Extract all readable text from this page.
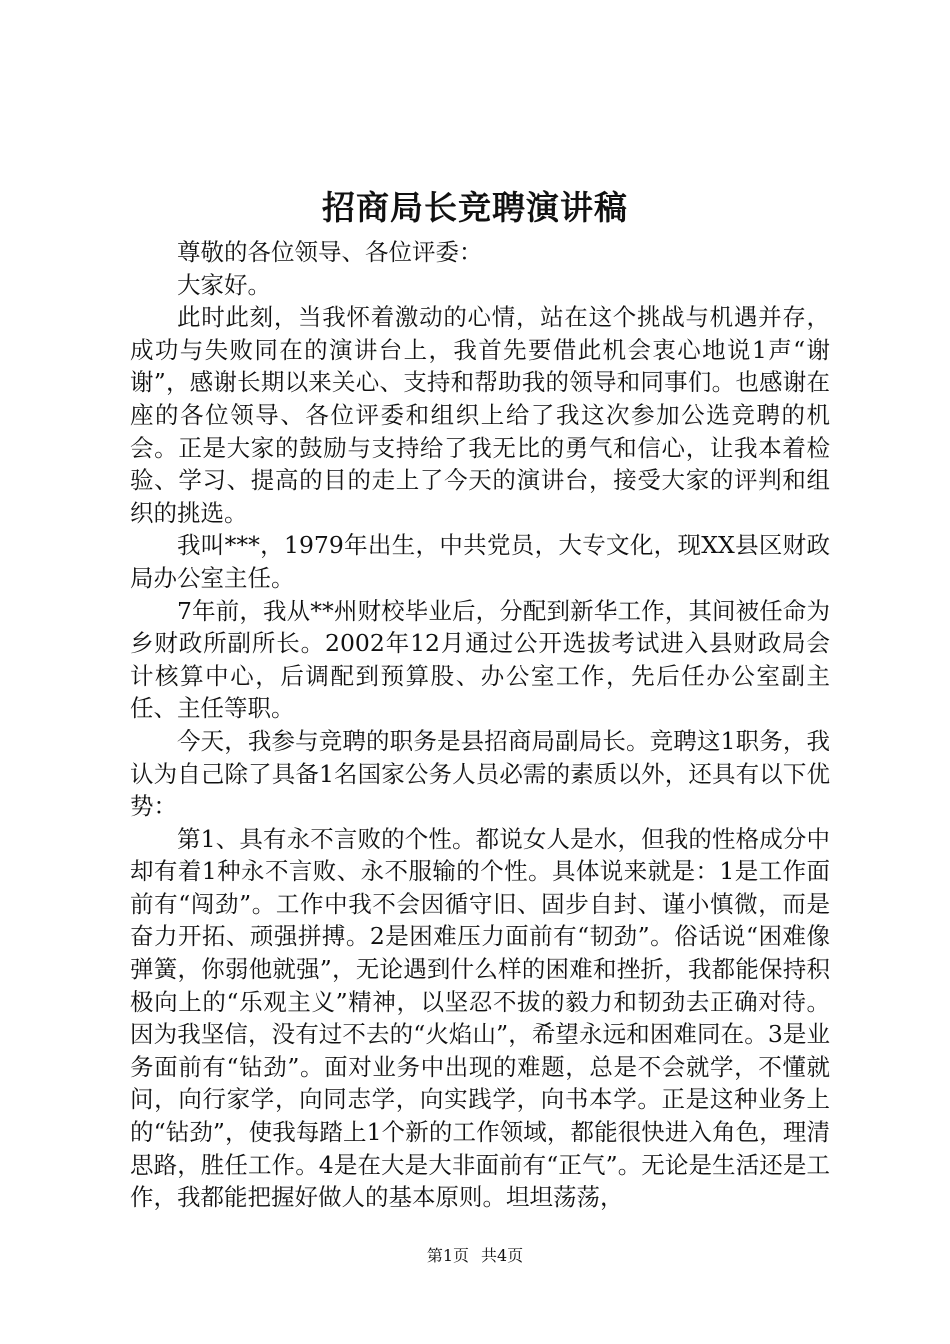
招商局长竞聘演讲稿

尊敬的各位领导、各位评委：

大家好。

此时此刻，当我怀着激动的心情，站在这个挑战与机遇并存，成功与失败同在的演讲台上，我首先要借此机会衷心地说1声“谢谢”，感谢长期以来关心、支持和帮助我的领导和同事们。也感谢在座的各位领导、各位评委和组织上给了我这次参加公选竞聘的机会。正是大家的鼓励与支持给了我无比的勇气和信心，让我本着检验、学习、提高的目的走上了今天的演讲台，接受大家的评判和组织的挑选。

我叫***，1979年出生，中共党员，大专文化，现XX县区财政局办公室主任。

7年前，我从**州财校毕业后，分配到新华工作，其间被任命为乡财政所副所长。2002年12月通过公开选拔考试进入县财政局会计核算中心，后调配到预算股、办公室工作，先后任办公室副主任、主任等职。

今天，我参与竞聘的职务是县招商局副局长。竞聘这1职务，我认为自己除了具备1名国家公务人员必需的素质以外，还具有以下优势：

第1、具有永不言败的个性。都说女人是水，但我的性格成分中却有着1种永不言败、永不服输的个性。具体说来就是：1是工作面前有“闯劲”。工作中我不会因循守旧、固步自封、谨小慎微，而是奋力开拓、顽强拼搏。2是困难压力面前有“韧劲”。俗话说“困难像弹簧，你弱他就强”，无论遇到什么样的困难和挫折，我都能保持积极向上的“乐观主义”精神，以坚忍不拔的毅力和韧劲去正确对待。因为我坚信，没有过不去的“火焰山”，希望永远和困难同在。3是业务面前有“钻劲”。面对业务中出现的难题，总是不会就学，不懂就问，向行家学，向同志学，向实践学，向书本学。正是这种业务上的“钻劲”，使我每踏上1个新的工作领域，都能很快进入角色，理清思路，胜任工作。4是在大是大非面前有“正气”。无论是生活还是工作，我都能把握好做人的基本原则。坦坦荡荡，

第1页 共4页
